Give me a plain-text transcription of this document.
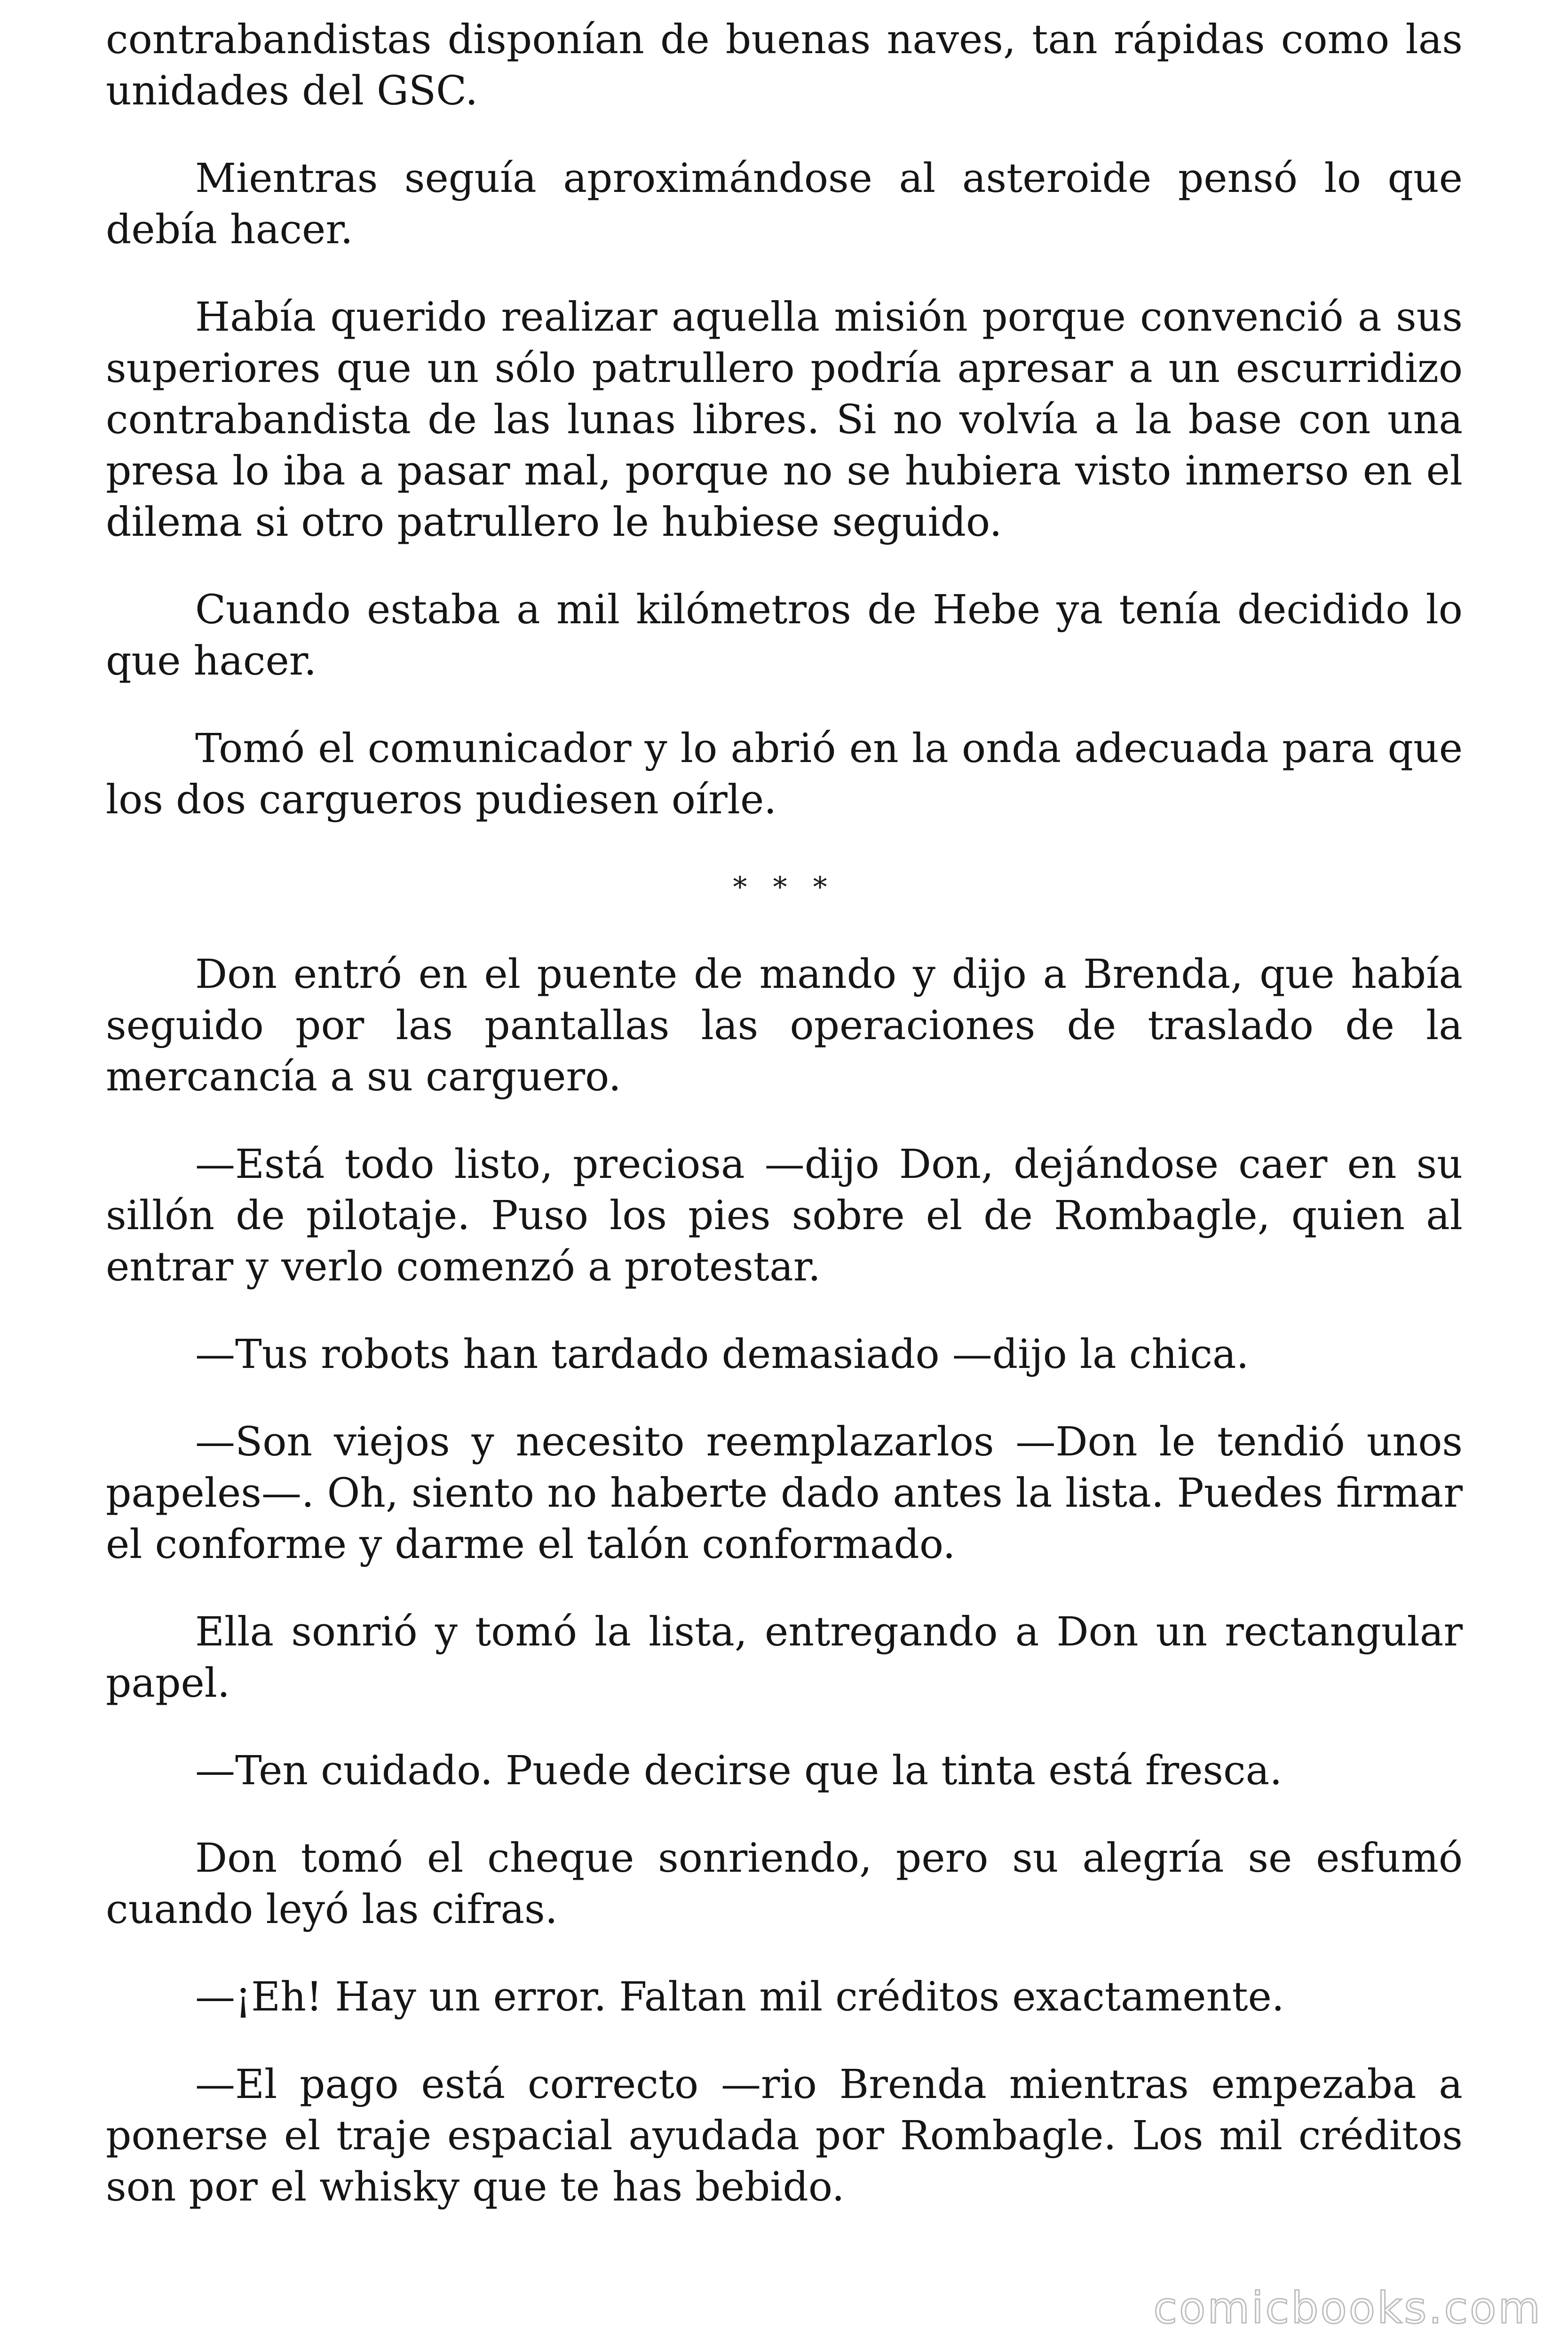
contrabandistas disponían de buenas naves, tan rápidas como las unidades del GSC.

Mientras seguía aproximándose al asteroide pensó lo que debía hacer.

Había querido realizar aquella misión porque convenció a sus superiores que un sólo patrullero podría apresar a un escurridizo contrabandista de las lunas libres. Si no volvía a la base con una presa lo iba a pasar mal, porque no se hubiera visto inmerso en el dilema si otro patrullero le hubiese seguido.

Cuando estaba a mil kilómetros de Hebe ya tenía decidido lo que hacer.

Tomó el comunicador y lo abrió en la onda adecuada para que los dos cargueros pudiesen oírle.

* * *

Don entró en el puente de mando y dijo a Brenda, que había seguido por las pantallas las operaciones de traslado de la mercancía a su carguero.

—Está todo listo, preciosa —dijo Don, dejándose caer en su sillón de pilotaje. Puso los pies sobre el de Rombagle, quien al entrar y verlo comenzó a protestar.

—Tus robots han tardado demasiado —dijo la chica.

—Son viejos y necesito reemplazarlos —Don le tendió unos papeles—. Oh, siento no haberte dado antes la lista. Puedes firmar el conforme y darme el talón conformado.

Ella sonrió y tomó la lista, entregando a Don un rectangular papel.

—Ten cuidado. Puede decirse que la tinta está fresca.

Don tomó el cheque sonriendo, pero su alegría se esfumó cuando leyó las cifras.

—¡Eh! Hay un error. Faltan mil créditos exactamente.

—El pago está correcto —rio Brenda mientras empezaba a ponerse el traje espacial ayudada por Rombagle. Los mil créditos son por el whisky que te has bebido.

comicbooks.com
